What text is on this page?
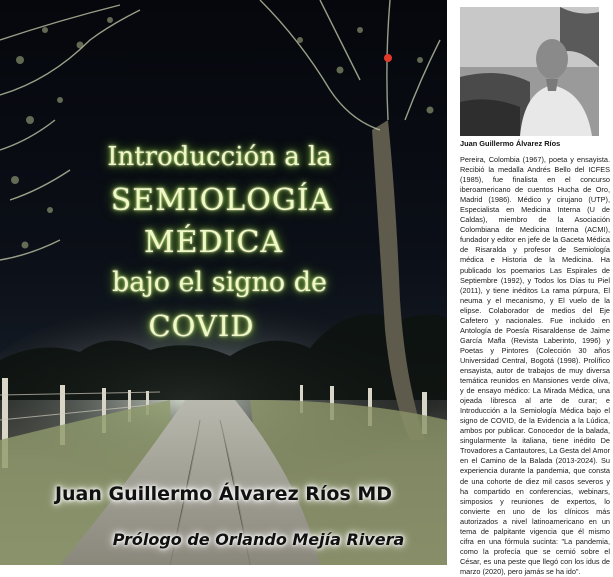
Introducción a la
SEMIOLOGÍA
MÉDICA
bajo el signo de
COVID
Juan Guillermo Álvarez Ríos MD
Prólogo de Orlando Mejía Rivera
Juan Guillermo Álvarez Ríos
Pereira, Colombia (1967), poeta y ensayista. Recibió la medalla Andrés Bello del ICFES (1985), fue finalista en el concurso iberoamericano de cuentos Hucha de Oro, Madrid (1986). Médico y cirujano (UTP), Especialista en Medicina Interna (U de Caldas), miembro de la Asociación Colombiana de Medicina Interna (ACMI), fundador y editor en jefe de la Gaceta Médica de Risaralda y profesor de Semiología médica e Historia de la Medicina. Ha publicado los poemarios Las Espirales de Septiembre (1992), y Todos los Días tu Piel (2011), y tiene inéditos La rama púrpura, El neuma y el mecanismo, y El vuelo de la elipse. Colaborador de medios del Eje Cafetero y nacionales. Fue incluido en Antología de Poesía Risaraldense de Jaime García Mafla (Revista Laberinto, 1996) y Poetas y Pintores (Colección 30 años Universidad Central, Bogotá (1998). Prolífico ensayista, autor de trabajos de muy diversa temática reunidos en Mansiones verde oliva, y de ensayo médico: La Mirada Médica, una ojeada libresca al arte de curar; e Introducción a la Semiología Médica bajo el signo de COVID, de la Evidencia a la Lúdica, ambos por publicar. Conocedor de la balada, singularmente la italiana, tiene inédito De Trovadores a Cantautores, La Gesta del Amor en el Camino de la Balada (2013-2024). Su experiencia durante la pandemia, que consta de una cohorte de diez mil casos severos y ha compartido en conferencias, webinars, simposios y reuniones de expertos, lo convierte en uno de los clínicos más autorizados a nivel latinoamericano en un tema de palpitante vigencia que él mismo cifra en una fórmula sucinta: "La pandemia, como la profecía que se cernió sobre el César, es una peste que llegó con los idus de marzo (2020), pero jamás se ha ido".
